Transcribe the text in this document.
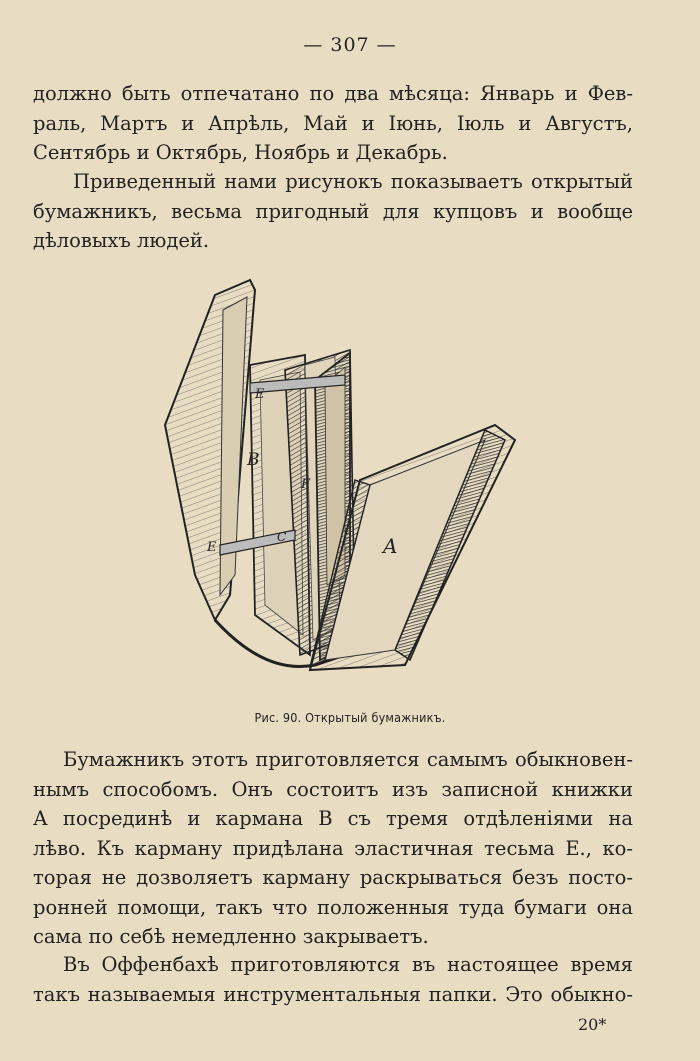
— 307 —

должно быть отпечатано по два мѣсяца: Январь и Фев-
раль, Мартъ и Апрѣль, Май и Іюнь, Іюль и Августъ,
Сентябрь и Октябрь, Ноябрь и Декабрь.

Приведенный нами рисунокъ показываетъ открытый
бумажникъ, весьма пригодный для купцовъ и вообще
дѣловыхъ людей.

A
B
E
E
F
C
Рис. 90. Открытый бумажникъ.

Бумажникъ этотъ приготовляется самымъ обыкновен-
нымъ способомъ. Онъ состоитъ изъ записной книжки
А посрединѣ и кармана В съ тремя отдѣленіями на
лѣво. Къ карману придѣлана эластичная тесьма Е., ко-
торая не дозволяетъ карману раскрываться безъ посто-
ронней помощи, такъ что положенныя туда бумаги она
сама по себѣ немедленно закрываетъ.

Въ Оффенбахѣ приготовляются въ настоящее время
такъ называемыя инструментальныя папки. Это обыкно-

20*
